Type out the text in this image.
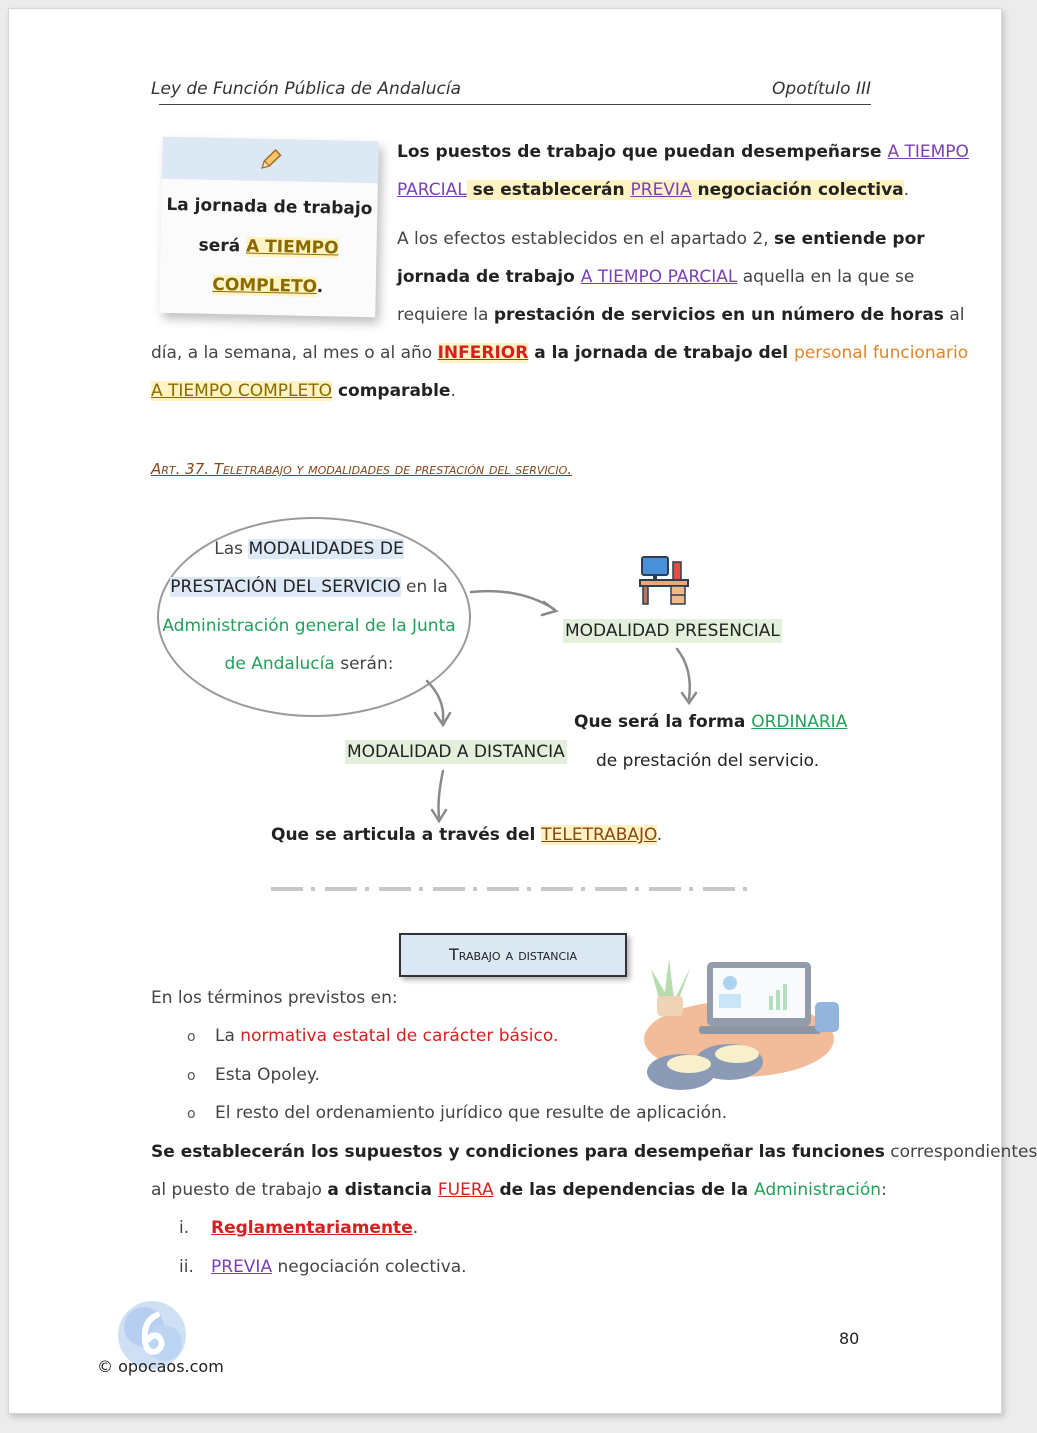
Ley de Función Pública de Andalucía	Opotítulo III
La jornada de trabajo
será A TIEMPO
COMPLETO.
Los puestos de trabajo que puedan desempeñarse A TIEMPO
PARCIAL se establecerán PREVIA negociación colectiva.
A los efectos establecidos en el apartado 2, se entiende por
jornada de trabajo A TIEMPO PARCIAL aquella en la que se
requiere la prestación de servicios en un número de horas al
día, a la semana, al mes o al año INFERIOR a la jornada de trabajo del personal funcionario
A TIEMPO COMPLETO comparable.
Art. 37. Teletrabajo y modalidades de prestación del servicio.
Las MODALIDADES DE
PRESTACIÓN DEL SERVICIO en la
Administración general de la Junta
de Andalucía serán:
MODALIDAD PRESENCIAL
Que será la forma ORDINARIA
de prestación del servicio.
MODALIDAD A DISTANCIA
Que se articula a través del TELETRABAJO.
Trabajo a distancia
En los términos previstos en:
o La normativa estatal de carácter básico.
o Esta Opoley.
o El resto del ordenamiento jurídico que resulte de aplicación.
Se establecerán los supuestos y condiciones para desempeñar las funciones correspondientes
al puesto de trabajo a distancia FUERA de las dependencias de la Administración:
i. Reglamentariamente.
ii. PREVIA negociación colectiva.
© opocaos.com
80
